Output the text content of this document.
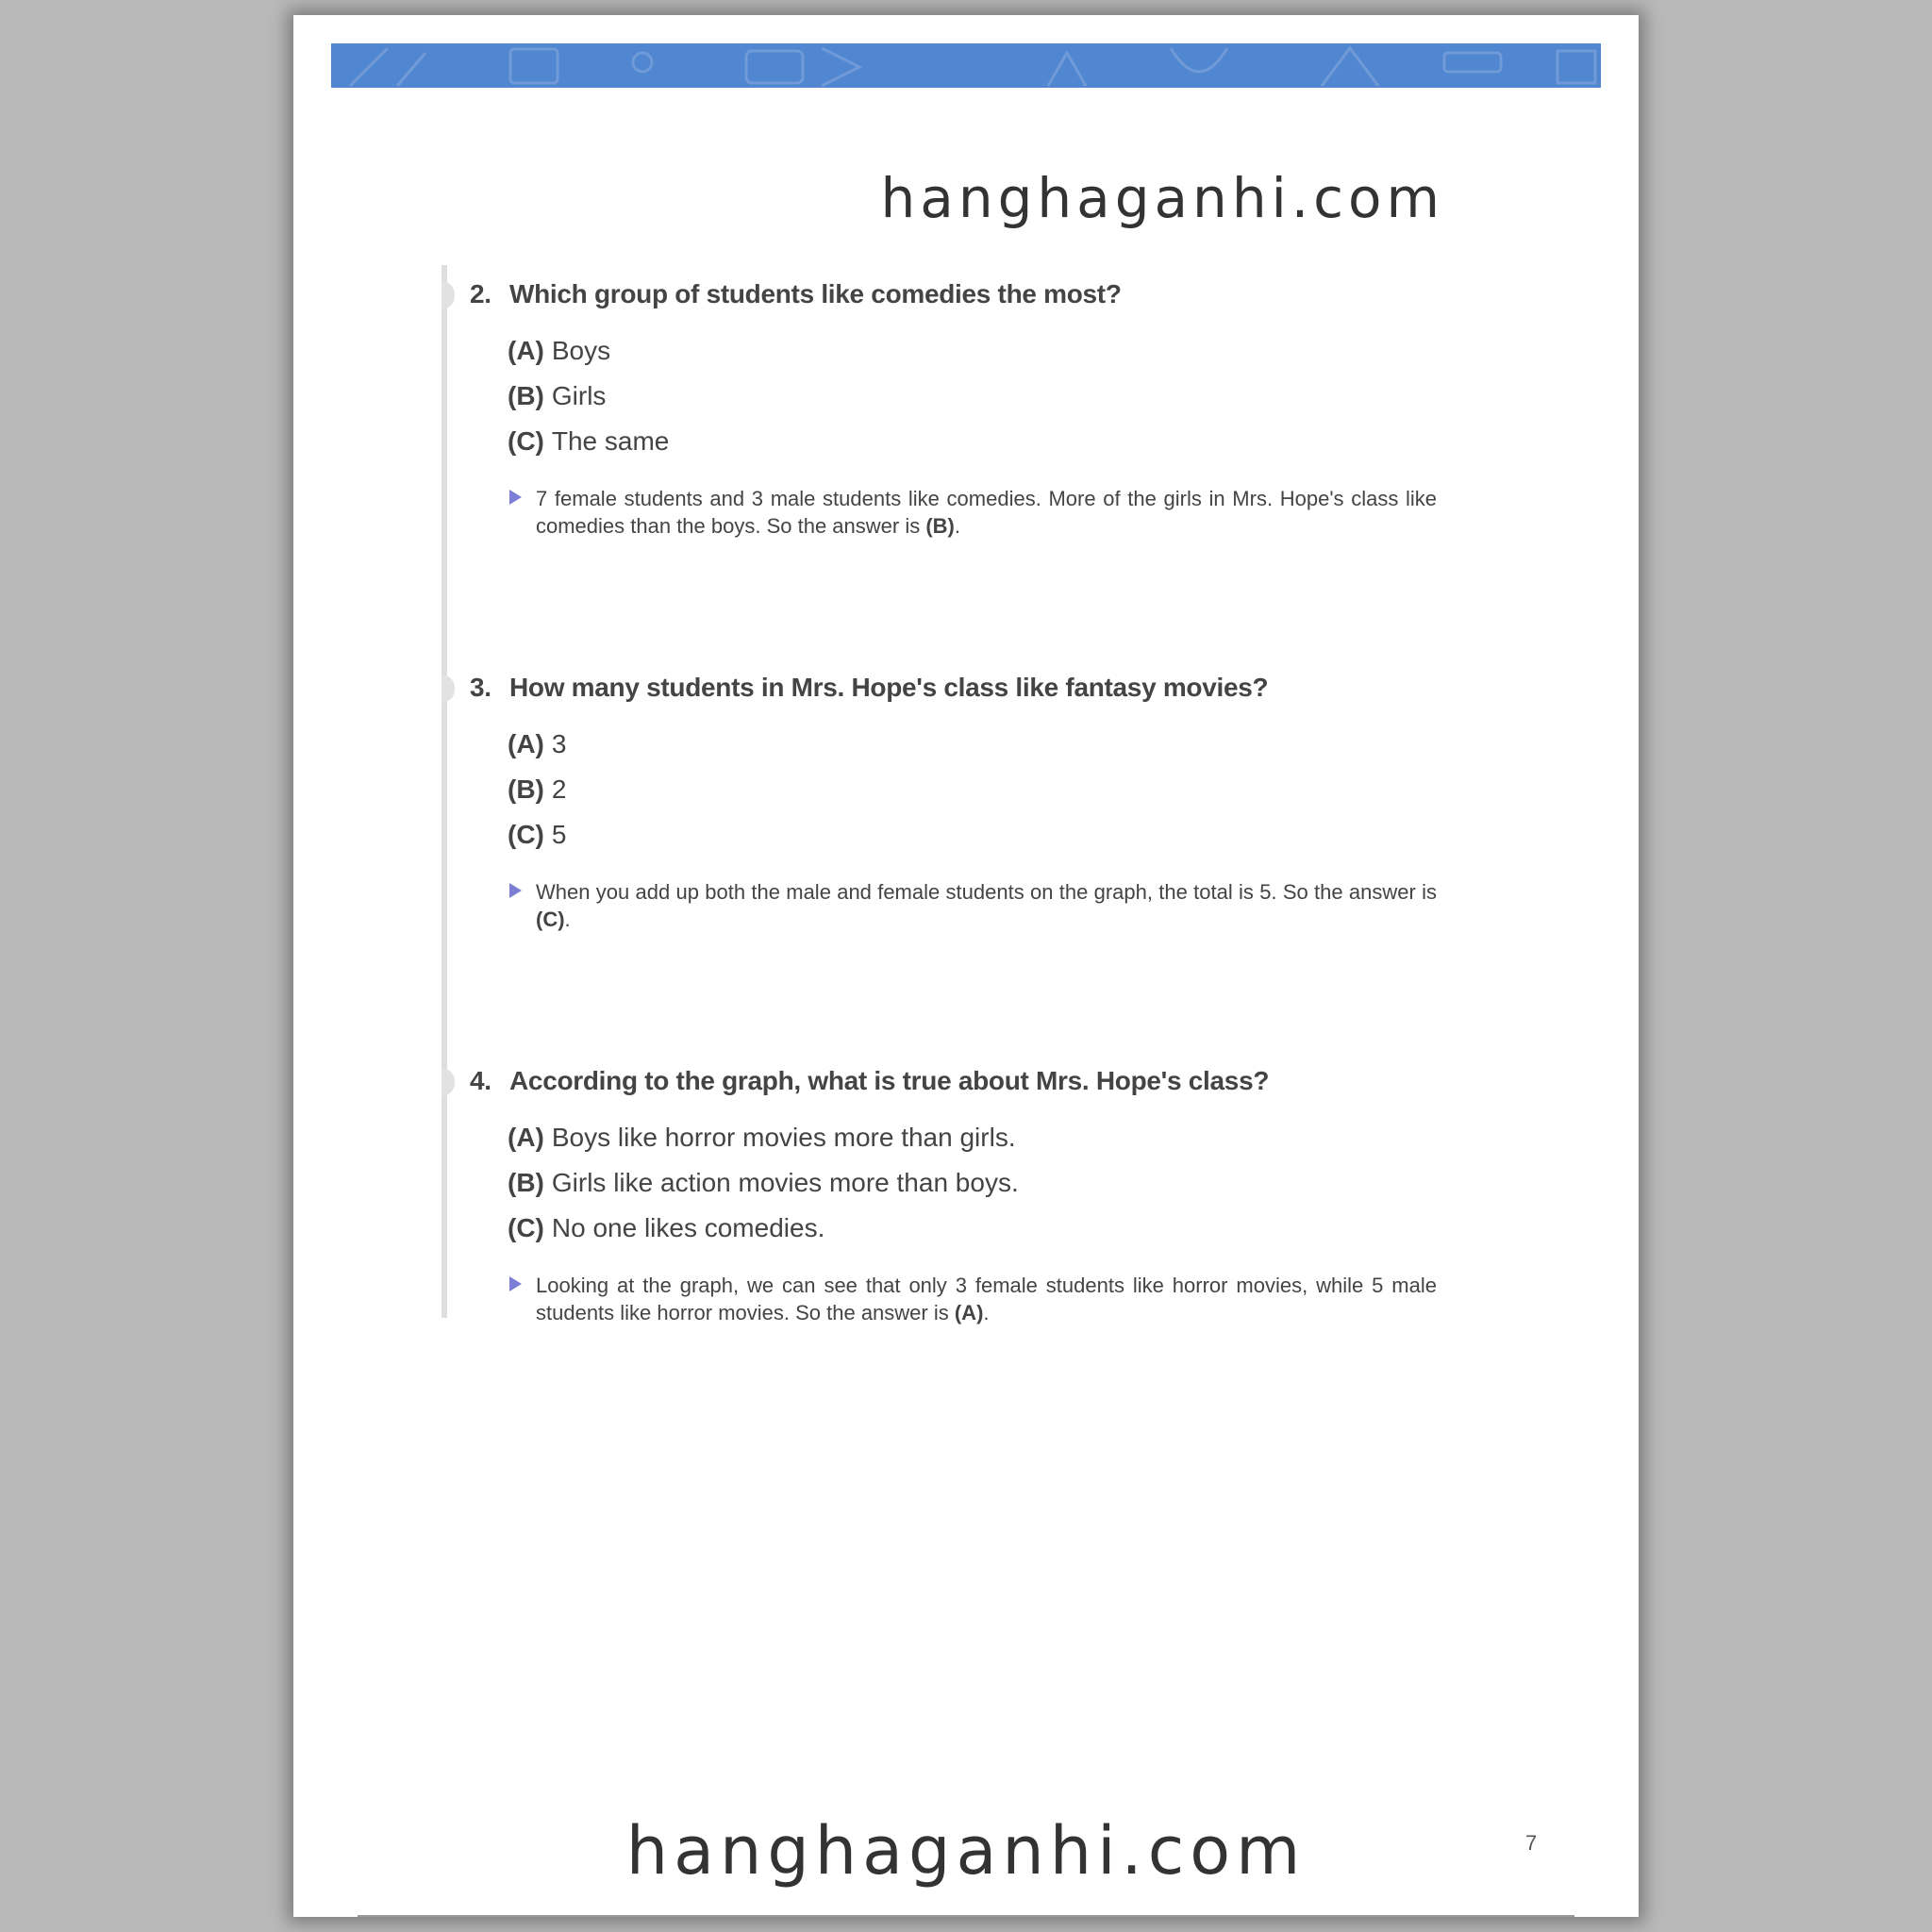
hanghaganhi.com
2. Which group of students like comedies the most?
(A) Boys
(B) Girls
(C) The same
7 female students and 3 male students like comedies. More of the girls in Mrs. Hope's class like comedies than the boys. So the answer is (B).
3. How many students in Mrs. Hope's class like fantasy movies?
(A) 3
(B) 2
(C) 5
When you add up both the male and female students on the graph, the total is 5. So the answer is (C).
4. According to the graph, what is true about Mrs. Hope's class?
(A) Boys like horror movies more than girls.
(B) Girls like action movies more than boys.
(C) No one likes comedies.
Looking at the graph, we can see that only 3 female students like horror movies, while 5 male students like horror movies. So the answer is (A).
hanghaganhi.com	7
